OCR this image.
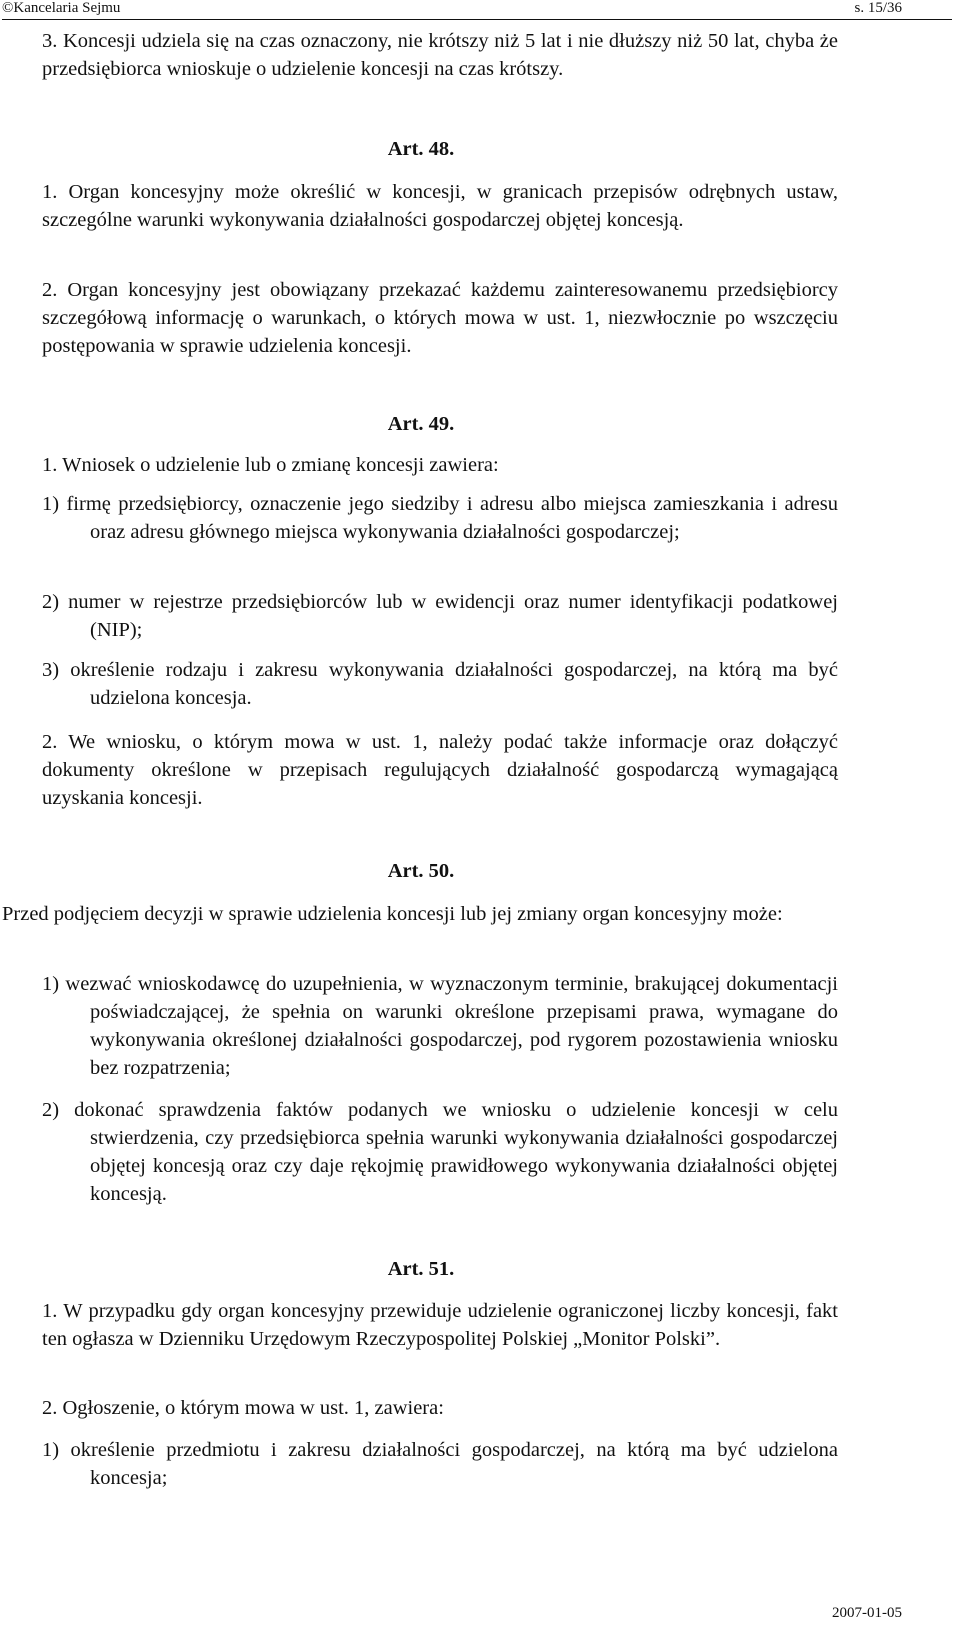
©Kancelaria Sejmu	s. 15/36
3. Koncesji udziela się na czas oznaczony, nie krótszy niż 5 lat i nie dłuższy niż 50 lat, chyba że przedsiębiorca wnioskuje o udzielenie koncesji na czas krótszy.
Art. 48.
1. Organ koncesyjny może określić w koncesji, w granicach przepisów odrębnych ustaw, szczególne warunki wykonywania działalności gospodarczej objętej koncesją.
2. Organ koncesyjny jest obowiązany przekazać każdemu zainteresowanemu przedsiębiorcy szczegółową informację o warunkach, o których mowa w ust. 1, niezwłocznie po wszczęciu postępowania w sprawie udzielenia koncesji.
Art. 49.
1. Wniosek o udzielenie lub o zmianę koncesji zawiera:
1) firmę przedsiębiorcy, oznaczenie jego siedziby i adresu albo miejsca zamieszkania i adresu oraz adresu głównego miejsca wykonywania działalności gospodarczej;
2) numer w rejestrze przedsiębiorców lub w ewidencji oraz numer identyfikacji podatkowej (NIP);
3) określenie rodzaju i zakresu wykonywania działalności gospodarczej, na którą ma być udzielona koncesja.
2. We wniosku, o którym mowa w ust. 1, należy podać także informacje oraz dołączyć dokumenty określone w przepisach regulujących działalność gospodarczą wymagającą uzyskania koncesji.
Art. 50.
Przed podjęciem decyzji w sprawie udzielenia koncesji lub jej zmiany organ koncesyjny może:
1) wezwać wnioskodawcę do uzupełnienia, w wyznaczonym terminie, brakującej dokumentacji poświadczającej, że spełnia on warunki określone przepisami prawa, wymagane do wykonywania określonej działalności gospodarczej, pod rygorem pozostawienia wniosku bez rozpatrzenia;
2) dokonać sprawdzenia faktów podanych we wniosku o udzielenie koncesji w celu stwierdzenia, czy przedsiębiorca spełnia warunki wykonywania działalności gospodarczej objętej koncesją oraz czy daje rękojmię prawidłowego wykonywania działalności objętej koncesją.
Art. 51.
1. W przypadku gdy organ koncesyjny przewiduje udzielenie ograniczonej liczby koncesji, fakt ten ogłasza w Dzienniku Urzędowym Rzeczypospolitej Polskiej „Monitor Polski”.
2. Ogłoszenie, o którym mowa w ust. 1, zawiera:
1) określenie przedmiotu i zakresu działalności gospodarczej, na którą ma być udzielona koncesja;
2007-01-05
